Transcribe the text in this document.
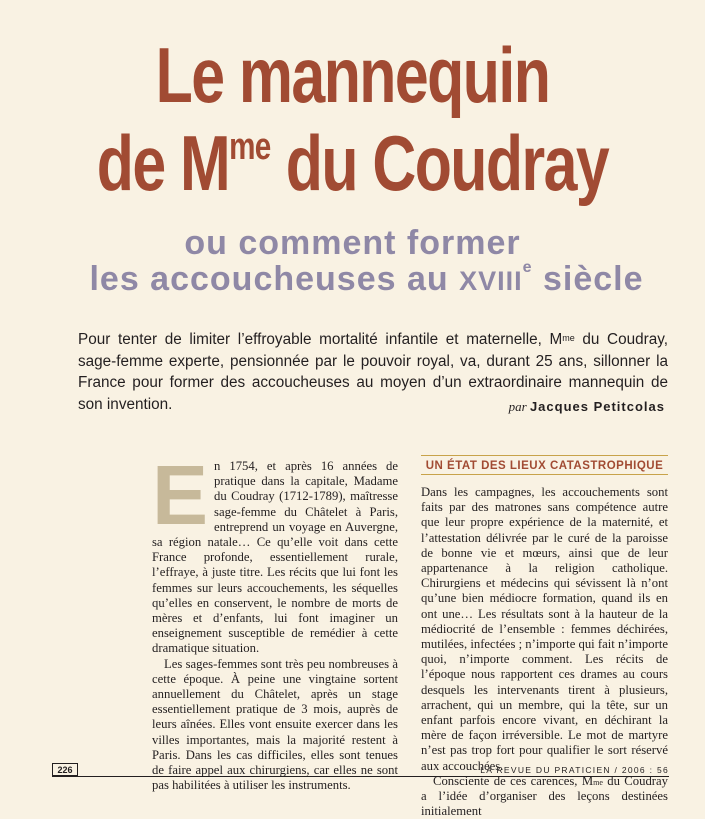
Le mannequin
de $M^{me}$ du Coudray
ou comment former
les accoucheuses au XVIIIe siècle

Pour tenter de limiter l’effroyable mortalité infantile et maternelle, $M^{me}$ du Coudray, sage-femme experte, pensionnée par le pouvoir royal, va, durant 25 ans, sillonner la France pour former des accoucheuses au moyen d’un extraordinaire mannequin de son invention.	par Jacques Petitcolas

E n 1754, et après 16 années de pratique dans la capitale, Madame du Coudray (1712-1789), maîtresse sage-femme du Châtelet à Paris, entreprend un voyage en Auvergne, sa région natale… Ce qu’elle voit dans cette France profonde, essentiellement rurale, l’effraye, à juste titre. Les récits que lui font les femmes sur leurs accouchements, les séquelles qu’elles en conservent, le nombre de morts de mères et d’enfants, lui font imaginer un enseignement susceptible de remédier à cette dramatique situation.

Les sages-femmes sont très peu nombreuses à cette époque. À peine une vingtaine sortent annuellement du Châtelet, après un stage essentiellement pratique de 3 mois, auprès de leurs aînées. Elles vont ensuite exercer dans les villes importantes, mais la majorité restent à Paris. Dans les cas difficiles, elles sont tenues de faire appel aux chirurgiens, car elles ne sont pas habilitées à utiliser les instruments.

UN ÉTAT DES LIEUX CATASTROPHIQUE

Dans les campagnes, les accouchements sont faits par des matrones sans compétence autre que leur propre expérience de la maternité, et l’attestation délivrée par le curé de la paroisse de bonne vie et mœurs, ainsi que de leur appartenance à la religion catholique. Chirurgiens et médecins qui sévissent là n’ont qu’une bien médiocre formation, quand ils en ont une… Les résultats sont à la hauteur de la médiocrité de l’ensemble : femmes déchirées, mutilées, infectées ; n’importe qui fait n’importe quoi, n’importe comment. Les récits de l’époque nous rapportent ces drames au cours desquels les intervenants tirent à plusieurs, arrachent, qui un membre, qui la tête, sur un enfant parfois encore vivant, en déchirant la mère de façon irréversible. Le mot de martyre n’est pas trop fort pour qualifier le sort réservé aux accouchées.

Consciente de ces carences, $M^{me}$ du Coudray a l’idée d’organiser des leçons destinées initialement

226	LA REVUE DU PRATICIEN / 2006 : 56
